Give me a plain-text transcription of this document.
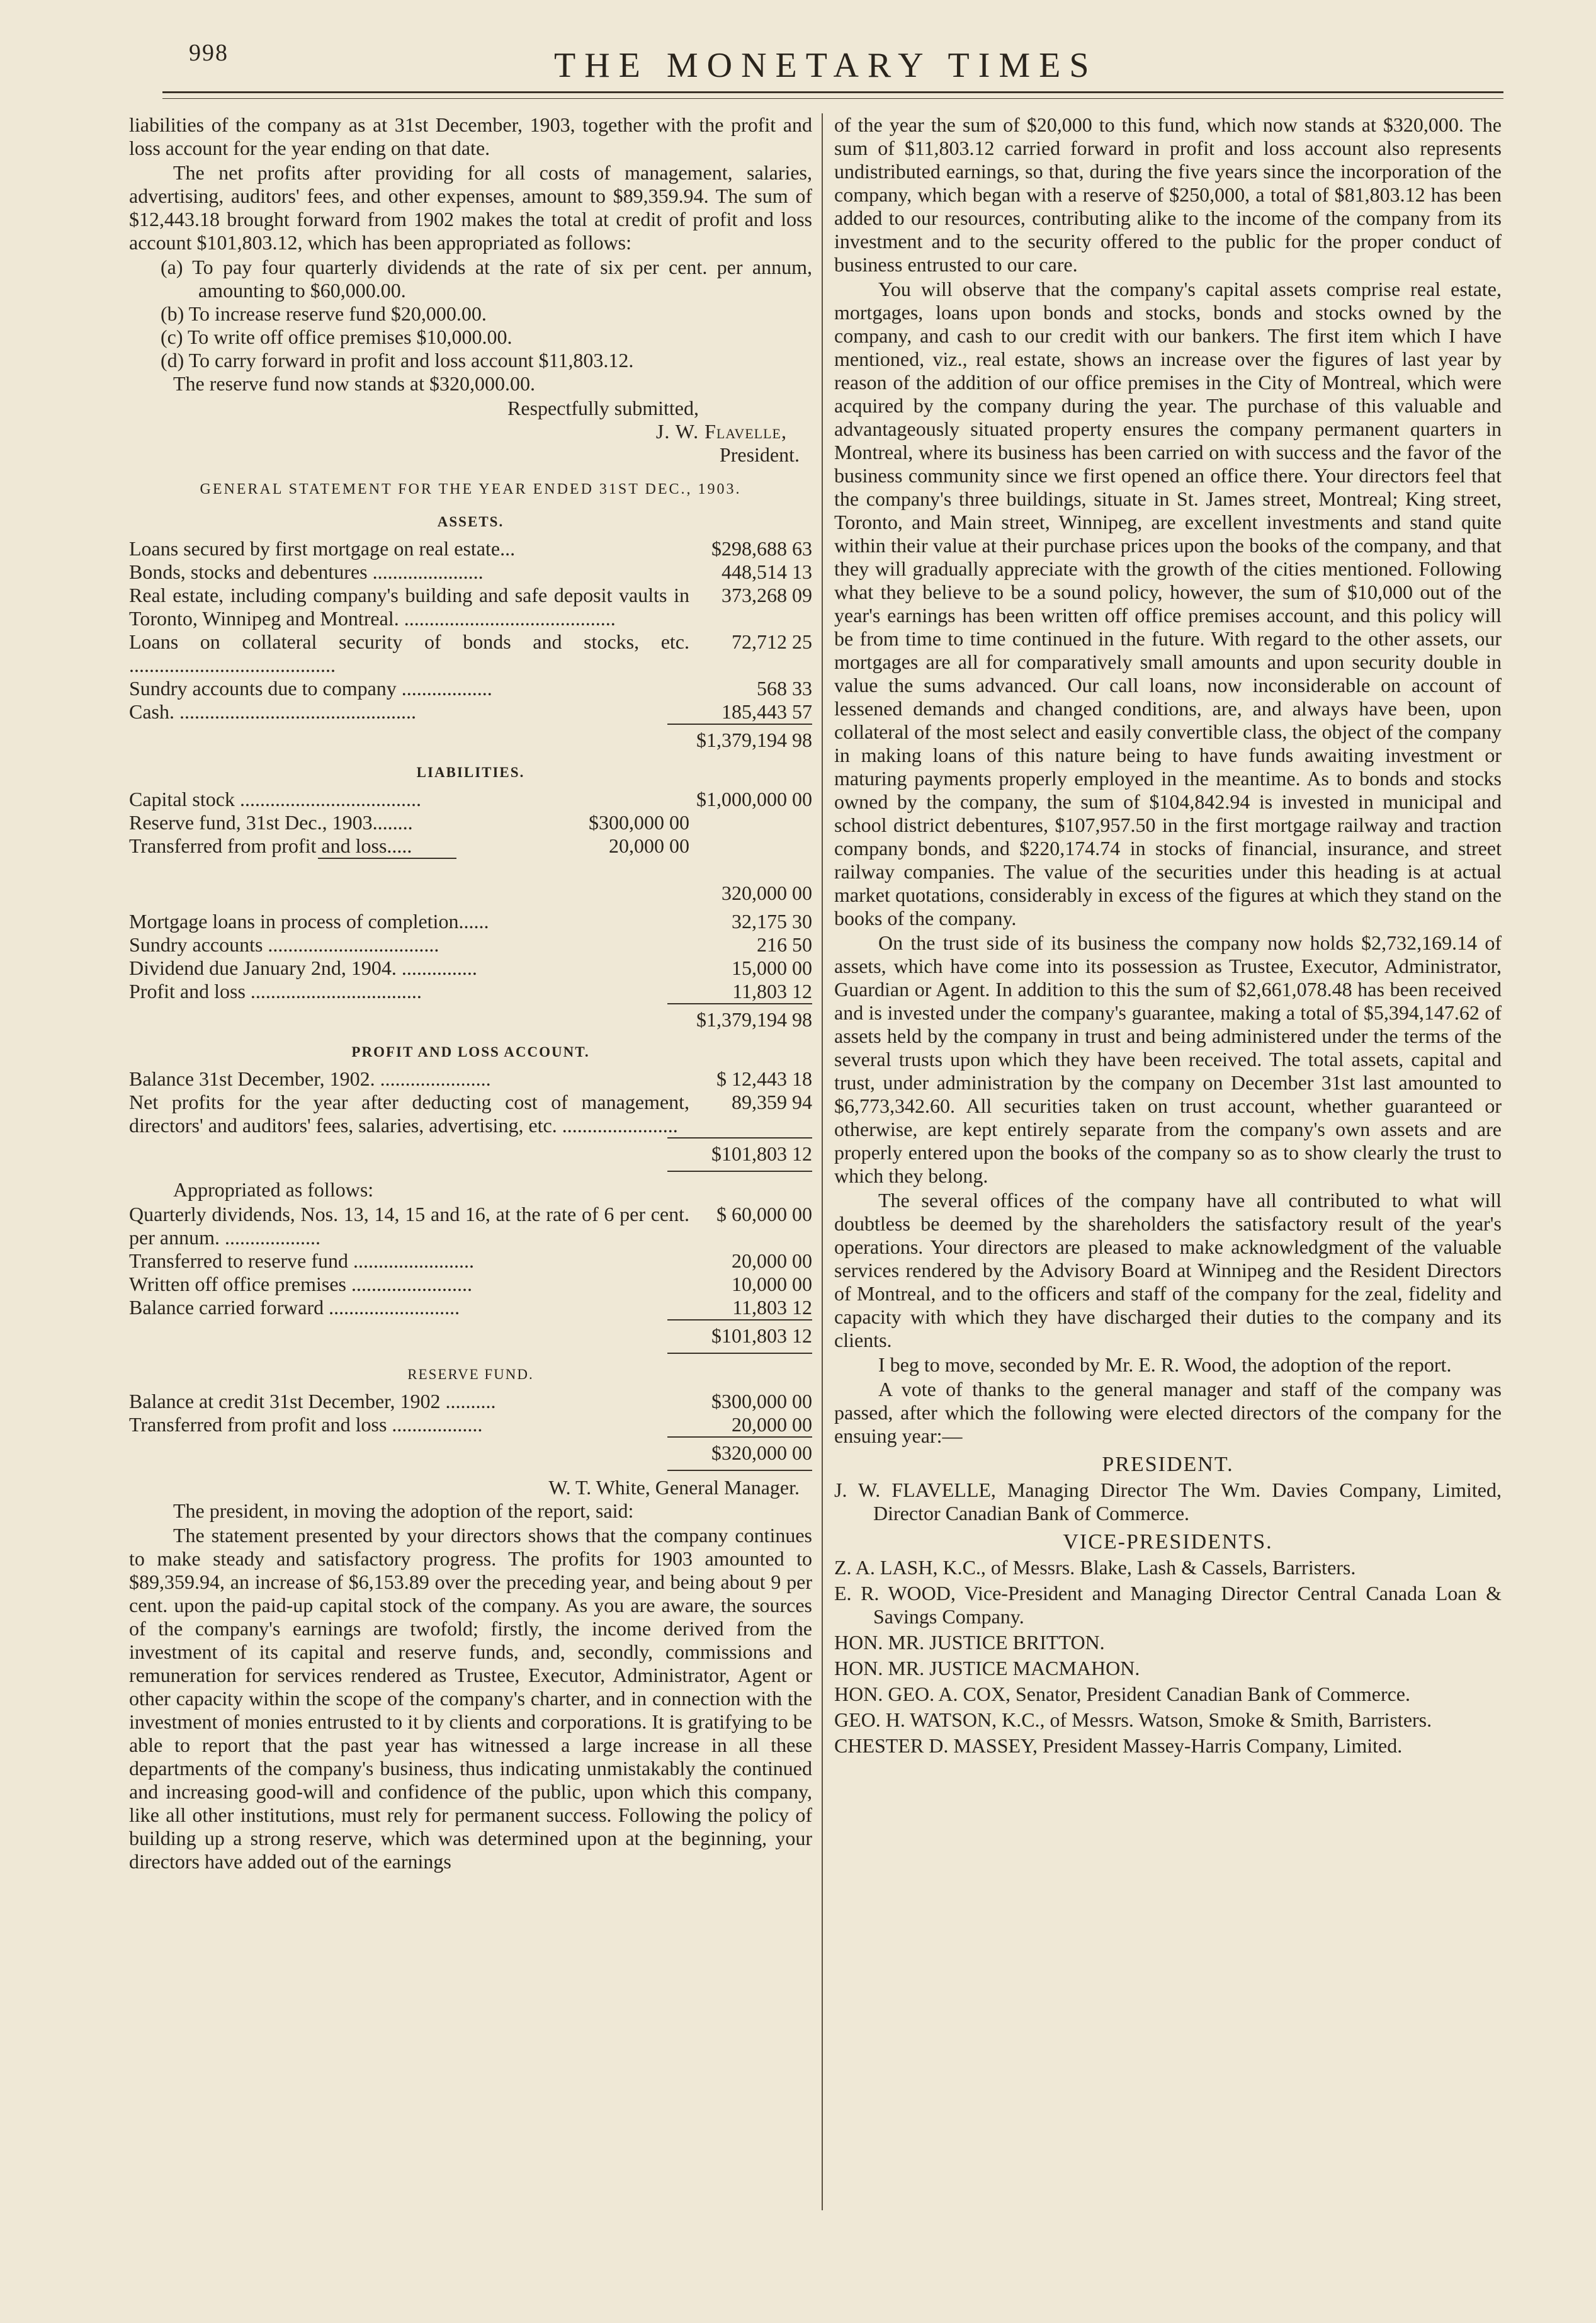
998	THE MONETARY TIMES

liabilities of the company as at 31st December, 1903, together with the profit and loss account for the year ending on that date.

The net profits after providing for all costs of management, salaries, advertising, auditors' fees, and other expenses, amount to $89,359.94. The sum of $12,443.18 brought forward from 1902 makes the total at credit of profit and loss account $101,803.12, which has been appropriated as follows:

(a) To pay four quarterly dividends at the rate of six per cent. per annum, amounting to $60,000.00.

(b) To increase reserve fund $20,000.00.

(c) To write off office premises $10,000.00.

(d) To carry forward in profit and loss account $11,803.12.

The reserve fund now stands at $320,000.00.

Respectfully submitted,

J. W. Flavelle,

President.

GENERAL STATEMENT FOR THE YEAR ENDED 31ST DEC., 1903.
ASSETS.
Loans secured by first mortgage on real estate...	$298,688 63
Bonds, stocks and debentures ......................	448,514 13
Real estate, including company's building and safe deposit vaults in Toronto, Winnipeg and Montreal. ..........................................
373,268 09
Loans on collateral security of bonds and stocks, etc. .........................................
72,712 25
Sundry accounts due to company ..................	568 33
Cash. ...............................................	185,443 57
$1,379,194 98
LIABILITIES.
Capital stock ....................................	$1,000,000 00
Reserve fund, 31st Dec., 1903........	$300,000 00
Transferred from profit and loss.....	20,000 00
320,000 00
Mortgage loans in process of completion......	32,175 30
Sundry accounts ..................................	216 50
Dividend due January 2nd, 1904. ...............	15,000 00
Profit and loss ..................................	11,803 12
$1,379,194 98
PROFIT AND LOSS ACCOUNT.
Balance 31st December, 1902. ......................	$ 12,443 18
Net profits for the year after deducting cost of management, directors' and auditors' fees, salaries, advertising, etc. .......................
89,359 94
$101,803 12

Appropriated as follows:

Quarterly dividends, Nos. 13, 14, 15 and 16, at the rate of 6 per cent. per annum. ...................
$ 60,000 00
Transferred to reserve fund ........................	20,000 00
Written off office premises ........................	10,000 00
Balance carried forward ..........................	11,803 12
$101,803 12
RESERVE FUND.
Balance at credit 31st December, 1902 ..........	$300,000 00
Transferred from profit and loss ..................	20,000 00
$320,000 00

W. T. White, General Manager.

The president, in moving the adoption of the report, said:

The statement presented by your directors shows that the company continues to make steady and satisfactory progress. The profits for 1903 amounted to $89,359.94, an increase of $6,153.89 over the preceding year, and being about 9 per cent. upon the paid-up capital stock of the company. As you are aware, the sources of the company's earnings are twofold; firstly, the income derived from the investment of its capital and reserve funds, and, secondly, commissions and remuneration for services rendered as Trustee, Executor, Administrator, Agent or other capacity within the scope of the company's charter, and in connection with the investment of monies entrusted to it by clients and corporations. It is gratifying to be able to report that the past year has witnessed a large increase in all these departments of the company's business, thus indicating unmistakably the continued and increasing good-will and confidence of the public, upon which this company, like all other institutions, must rely for permanent success. Following the policy of building up a strong reserve, which was determined upon at the beginning, your directors have added out of the earnings

of the year the sum of $20,000 to this fund, which now stands at $320,000. The sum of $11,803.12 carried forward in profit and loss account also represents undistributed earnings, so that, during the five years since the incorporation of the company, which began with a reserve of $250,000, a total of $81,803.12 has been added to our resources, contributing alike to the income of the company from its investment and to the security offered to the public for the proper conduct of business entrusted to our care.

You will observe that the company's capital assets comprise real estate, mortgages, loans upon bonds and stocks, bonds and stocks owned by the company, and cash to our credit with our bankers. The first item which I have mentioned, viz., real estate, shows an increase over the figures of last year by reason of the addition of our office premises in the City of Montreal, which were acquired by the company during the year. The purchase of this valuable and advantageously situated property ensures the company permanent quarters in Montreal, where its business has been carried on with success and the favor of the business community since we first opened an office there. Your directors feel that the company's three buildings, situate in St. James street, Montreal; King street, Toronto, and Main street, Winnipeg, are excellent investments and stand quite within their value at their purchase prices upon the books of the company, and that they will gradually appreciate with the growth of the cities mentioned. Following what they believe to be a sound policy, however, the sum of $10,000 out of the year's earnings has been written off office premises account, and this policy will be from time to time continued in the future. With regard to the other assets, our mortgages are all for comparatively small amounts and upon security double in value the sums advanced. Our call loans, now inconsiderable on account of lessened demands and changed conditions, are, and always have been, upon collateral of the most select and easily convertible class, the object of the company in making loans of this nature being to have funds awaiting investment or maturing payments properly employed in the meantime. As to bonds and stocks owned by the company, the sum of $104,842.94 is invested in municipal and school district debentures, $107,957.50 in the first mortgage railway and traction company bonds, and $220,174.74 in stocks of financial, insurance, and street railway companies. The value of the securities under this heading is at actual market quotations, considerably in excess of the figures at which they stand on the books of the company.

On the trust side of its business the company now holds $2,732,169.14 of assets, which have come into its possession as Trustee, Executor, Administrator, Guardian or Agent. In addition to this the sum of $2,661,078.48 has been received and is invested under the company's guarantee, making a total of $5,394,147.62 of assets held by the company in trust and being administered under the terms of the several trusts upon which they have been received. The total assets, capital and trust, under administration by the company on December 31st last amounted to $6,773,342.60. All securities taken on trust account, whether guaranteed or otherwise, are kept entirely separate from the company's own assets and are properly entered upon the books of the company so as to show clearly the trust to which they belong.

The several offices of the company have all contributed to what will doubtless be deemed by the shareholders the satisfactory result of the year's operations. Your directors are pleased to make acknowledgment of the valuable services rendered by the Advisory Board at Winnipeg and the Resident Directors of Montreal, and to the officers and staff of the company for the zeal, fidelity and capacity with which they have discharged their duties to the company and its clients.

I beg to move, seconded by Mr. E. R. Wood, the adoption of the report.

A vote of thanks to the general manager and staff of the company was passed, after which the following were elected directors of the company for the ensuing year:—

PRESIDENT.

J. W. FLAVELLE, Managing Director The Wm. Davies Company, Limited, Director Canadian Bank of Commerce.

VICE-PRESIDENTS.

Z. A. LASH, K.C., of Messrs. Blake, Lash & Cassels, Barristers.

E. R. WOOD, Vice-President and Managing Director Central Canada Loan & Savings Company.

HON. MR. JUSTICE BRITTON.

HON. MR. JUSTICE MACMAHON.

HON. GEO. A. COX, Senator, President Canadian Bank of Commerce.

GEO. H. WATSON, K.C., of Messrs. Watson, Smoke & Smith, Barristers.

CHESTER D. MASSEY, President Massey-Harris Company, Limited.
